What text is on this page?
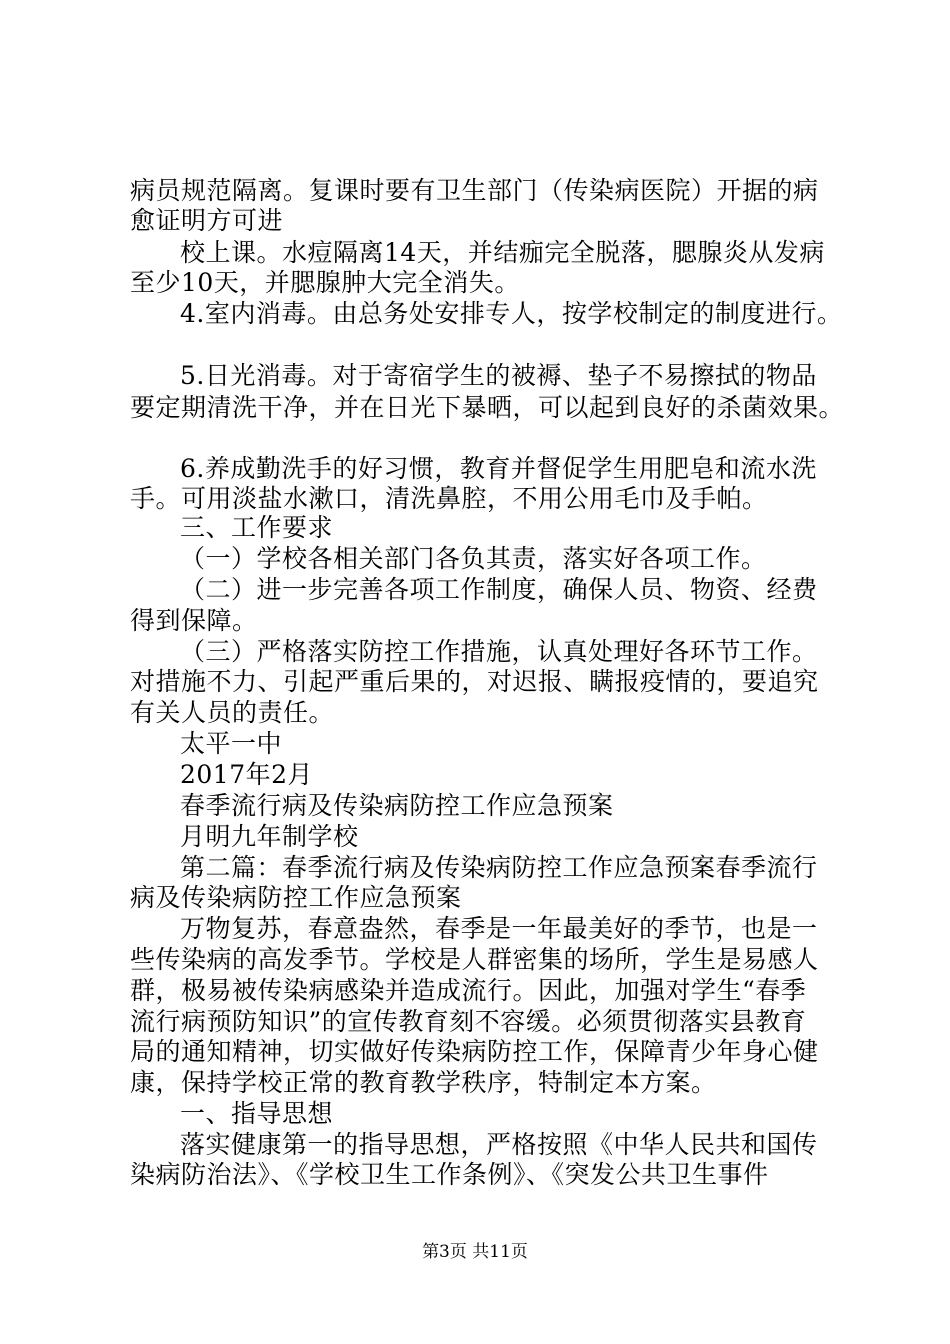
病员规范隔离。复课时要有卫生部门（传染病医院）开据的病

愈证明方可进

校上课。水痘隔离14天，并结痂完全脱落，腮腺炎从发病

至少10天，并腮腺肿大完全消失。

4.室内消毒。由总务处安排专人，按学校制定的制度进行。

5.日光消毒。对于寄宿学生的被褥、垫子不易擦拭的物品

要定期清洗干净，并在日光下暴晒，可以起到良好的杀菌效果。

6.养成勤洗手的好习惯，教育并督促学生用肥皂和流水洗

手。可用淡盐水漱口，清洗鼻腔，不用公用毛巾及手帕。

三、工作要求

（一）学校各相关部门各负其责，落实好各项工作。

（二）进一步完善各项工作制度，确保人员、物资、经费

得到保障。

（三）严格落实防控工作措施，认真处理好各环节工作。

对措施不力、引起严重后果的，对迟报、瞒报疫情的，要追究

有关人员的责任。

太平一中

2017年2月

春季流行病及传染病防控工作应急预案

月明九年制学校

第二篇：春季流行病及传染病防控工作应急预案春季流行

病及传染病防控工作应急预案

万物复苏，春意盎然，春季是一年最美好的季节，也是一

些传染病的高发季节。学校是人群密集的场所，学生是易感人

群，极易被传染病感染并造成流行。因此，加强对学生“春季

流行病预防知识”的宣传教育刻不容缓。必须贯彻落实县教育

局的通知精神，切实做好传染病防控工作，保障青少年身心健

康，保持学校正常的教育教学秩序，特制定本方案。

一、指导思想

落实健康第一的指导思想，严格按照《中华人民共和国传

染病防治法》、《学校卫生工作条例》、《突发公共卫生事件

第3页 共11页
